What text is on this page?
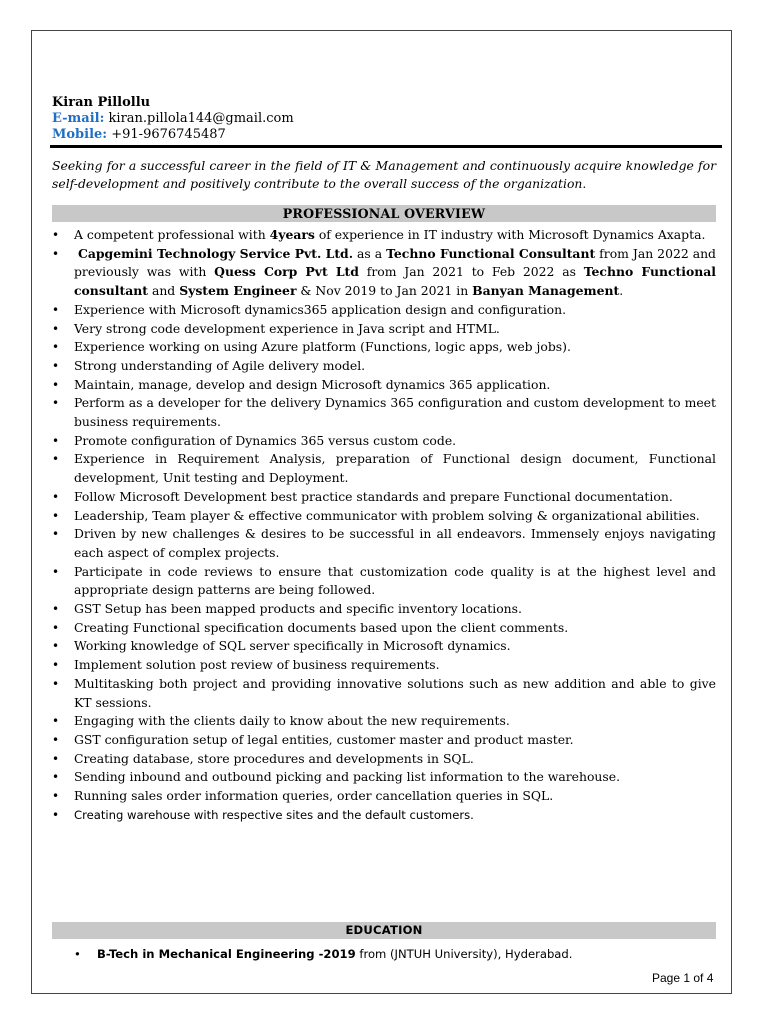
Kiran Pillollu
E-mail: kiran.pillola144@gmail.com
Mobile: +91-9676745487
Seeking for a successful career in the field of IT & Management and continuously acquire knowledge for self-development and positively contribute to the overall success of the organization.
PROFESSIONAL OVERVIEW
• A competent professional with 4years of experience in IT industry with Microsoft Dynamics Axapta.
• Capgemini Technology Service Pvt. Ltd. as a Techno Functional Consultant from Jan 2022 and previously was with Quess Corp Pvt Ltd from Jan 2021 to Feb 2022 as Techno Functional consultant and System Engineer & Nov 2019 to Jan 2021 in Banyan Management.
• Experience with Microsoft dynamics365 application design and configuration.
• Very strong code development experience in Java script and HTML.
• Experience working on using Azure platform (Functions, logic apps, web jobs).
• Strong understanding of Agile delivery model.
• Maintain, manage, develop and design Microsoft dynamics 365 application.
• Perform as a developer for the delivery Dynamics 365 configuration and custom development to meet business requirements.
• Promote configuration of Dynamics 365 versus custom code.
• Experience in Requirement Analysis, preparation of Functional design document, Functional development, Unit testing and Deployment.
• Follow Microsoft Development best practice standards and prepare Functional documentation.
• Leadership, Team player & effective communicator with problem solving & organizational abilities.
• Driven by new challenges & desires to be successful in all endeavors. Immensely enjoys navigating each aspect of complex projects.
• Participate in code reviews to ensure that customization code quality is at the highest level and appropriate design patterns are being followed.
• GST Setup has been mapped products and specific inventory locations.
• Creating Functional specification documents based upon the client comments.
• Working knowledge of SQL server specifically in Microsoft dynamics.
• Implement solution post review of business requirements.
• Multitasking both project and providing innovative solutions such as new addition and able to give KT sessions.
• Engaging with the clients daily to know about the new requirements.
• GST configuration setup of legal entities, customer master and product master.
• Creating database, store procedures and developments in SQL.
• Sending inbound and outbound picking and packing list information to the warehouse.
• Running sales order information queries, order cancellation queries in SQL.
• Creating warehouse with respective sites and the default customers.
EDUCATION
• B-Tech in Mechanical Engineering -2019 from (JNTUH University), Hyderabad.
Page 1 of 4
